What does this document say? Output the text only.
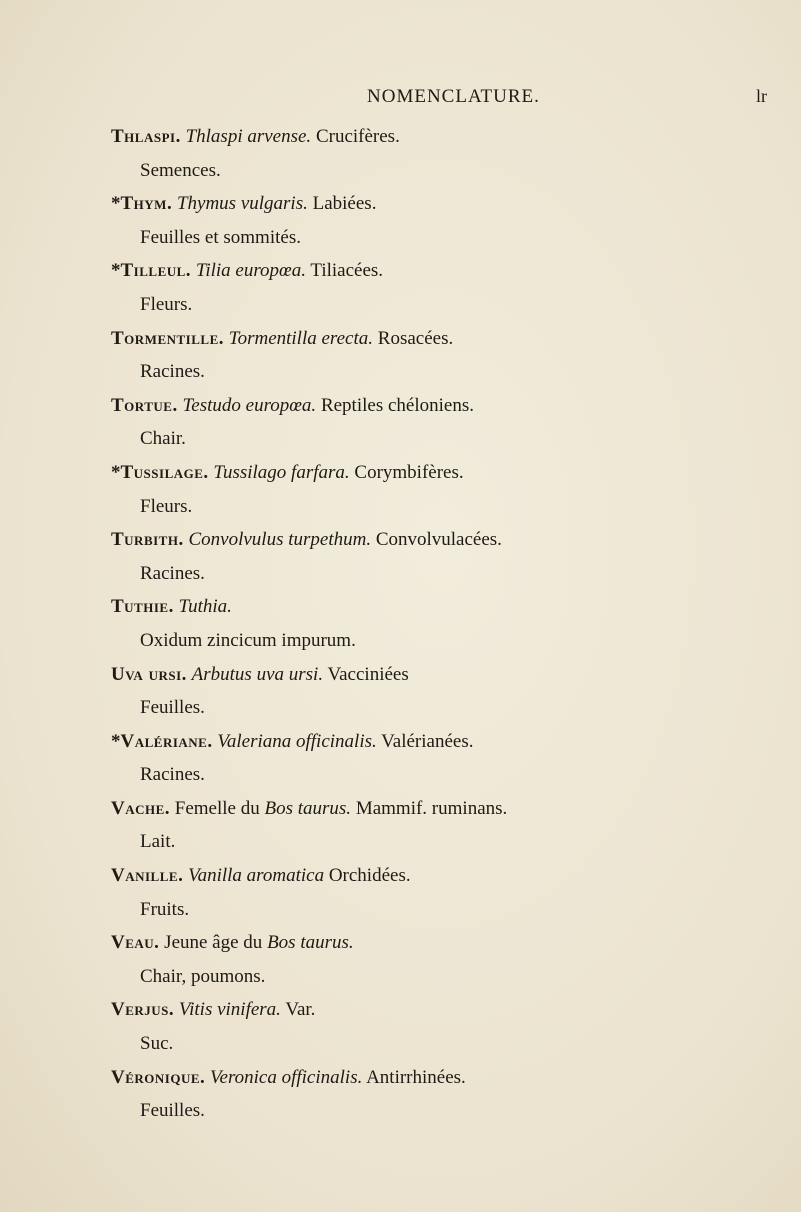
NOMENCLATURE.	lr
Thlaspi. Thlaspi arvense. Crucifères.
Semences.
*Thym. Thymus vulgaris. Labiées.
Feuilles et sommités.
*Tilleul. Tilia europœa. Tiliacées.
Fleurs.
Tormentille. Tormentilla erecta. Rosacées.
Racines.
Tortue. Testudo europœa. Reptiles chéloniens.
Chair.
*Tussilage. Tussilago farfara. Corymbifères.
Fleurs.
Turbith. Convolvulus turpethum. Convolvulacées.
Racines.
Tuthie. Tuthia.
Oxidum zincicum impurum.
Uva ursi. Arbutus uva ursi. Vacciniées
Feuilles.
*Valériane. Valeriana officinalis. Valérianées.
Racines.
Vache. Femelle du Bos taurus. Mammif. ruminans.
Lait.
Vanille. Vanilla aromatica Orchidées.
Fruits.
Veau. Jeune âge du Bos taurus.
Chair, poumons.
Verjus. Vitis vinifera. Var.
Suc.
Véronique. Veronica officinalis. Antirrhinées.
Feuilles.
